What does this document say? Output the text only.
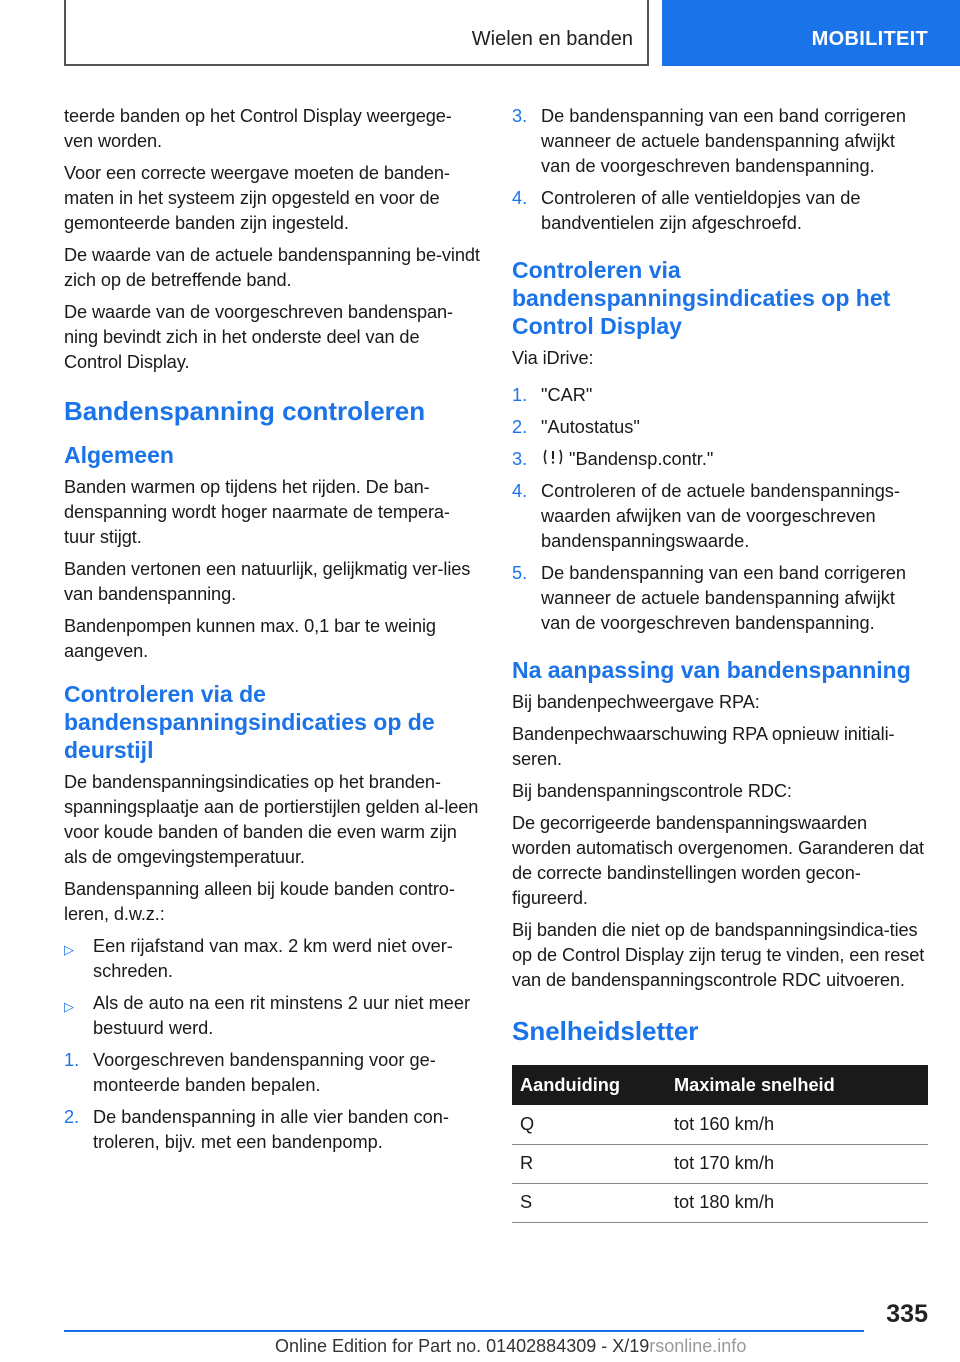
Wielen en banden	MOBILITEIT

teerde banden op het Control Display weergege-ven worden.

Voor een correcte weergave moeten de banden-maten in het systeem zijn opgesteld en voor de gemonteerde banden zijn ingesteld.

De waarde van de actuele bandenspanning be-vindt zich op de betreffende band.

De waarde van de voorgeschreven bandenspan-ning bevindt zich in het onderste deel van de Control Display.

Bandenspanning controleren
Algemeen

Banden warmen op tijdens het rijden. De ban-denspanning wordt hoger naarmate de tempera-tuur stijgt.

Banden vertonen een natuurlijk, gelijkmatig ver-lies van bandenspanning.

Bandenpompen kunnen max. 0,1 bar te weinig aangeven.

Controleren via de bandenspanningsindicaties op de deurstijl

De bandenspanningsindicaties op het branden-spanningsplaatje aan de portierstijlen gelden al-leen voor koude banden of banden die even warm zijn als de omgevingstemperatuur.

Bandenspanning alleen bij koude banden contro-leren, d.w.z.:

▷	Een rijafstand van max. 2 km werd niet over-schreden.
▷	Als de auto na een rit minstens 2 uur niet meer bestuurd werd.
1. Voorgeschreven bandenspanning voor ge-monteerde banden bepalen.
2. De bandenspanning in alle vier banden con-troleren, bijv. met een bandenpomp.
3. De bandenspanning van een band corrigeren wanneer de actuele bandenspanning afwijkt van de voorgeschreven bandenspanning.
4. Controleren of alle ventieldopjes van de bandventielen zijn afgeschroefd.
Controleren via bandenspanningsindicaties op het Control Display

Via iDrive:

1. "CAR"
2. "Autostatus"
3.	"Bandensp.contr."
4. Controleren of de actuele bandenspannings-waarden afwijken van de voorgeschreven bandenspanningswaarde.
5. De bandenspanning van een band corrigeren wanneer de actuele bandenspanning afwijkt van de voorgeschreven bandenspanning.
Na aanpassing van bandenspanning

Bij bandenpechweergave RPA:

Bandenpechwaarschuwing RPA opnieuw initiali-seren.

Bij bandenspanningscontrole RDC:

De gecorrigeerde bandenspanningswaarden worden automatisch overgenomen. Garanderen dat de correcte bandinstellingen worden gecon-figureerd.

Bij banden die niet op de bandspanningsindica-ties op de Control Display zijn terug te vinden, een reset van de bandenspanningscontrole RDC uitvoeren.

Snelheidsletter
Aanduiding	Maximale snelheid
Q	tot 160 km/h
R	tot 170 km/h
S	tot 180 km/h
335
Online Edition for Part no. 01402884309 - X/19rsonline.info
